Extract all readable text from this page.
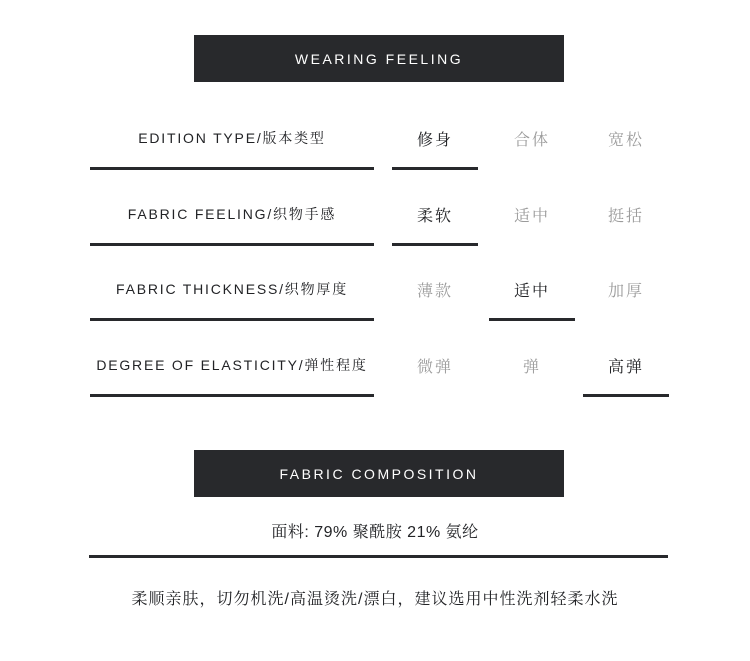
WEARING FEELING
EDITION TYPE/版本类型	修身	合体	宽松
FABRIC FEELING/织物手感	柔软	适中	挺括
FABRIC THICKNESS/织物厚度	薄款	适中	加厚
DEGREE OF ELASTICITY/弹性程度	微弹	弹	高弹
FABRIC COMPOSITION
面料: 79% 聚酰胺 21% 氨纶
柔顺亲肤，切勿机洗/高温烫洗/漂白，建议选用中性洗剂轻柔水洗
